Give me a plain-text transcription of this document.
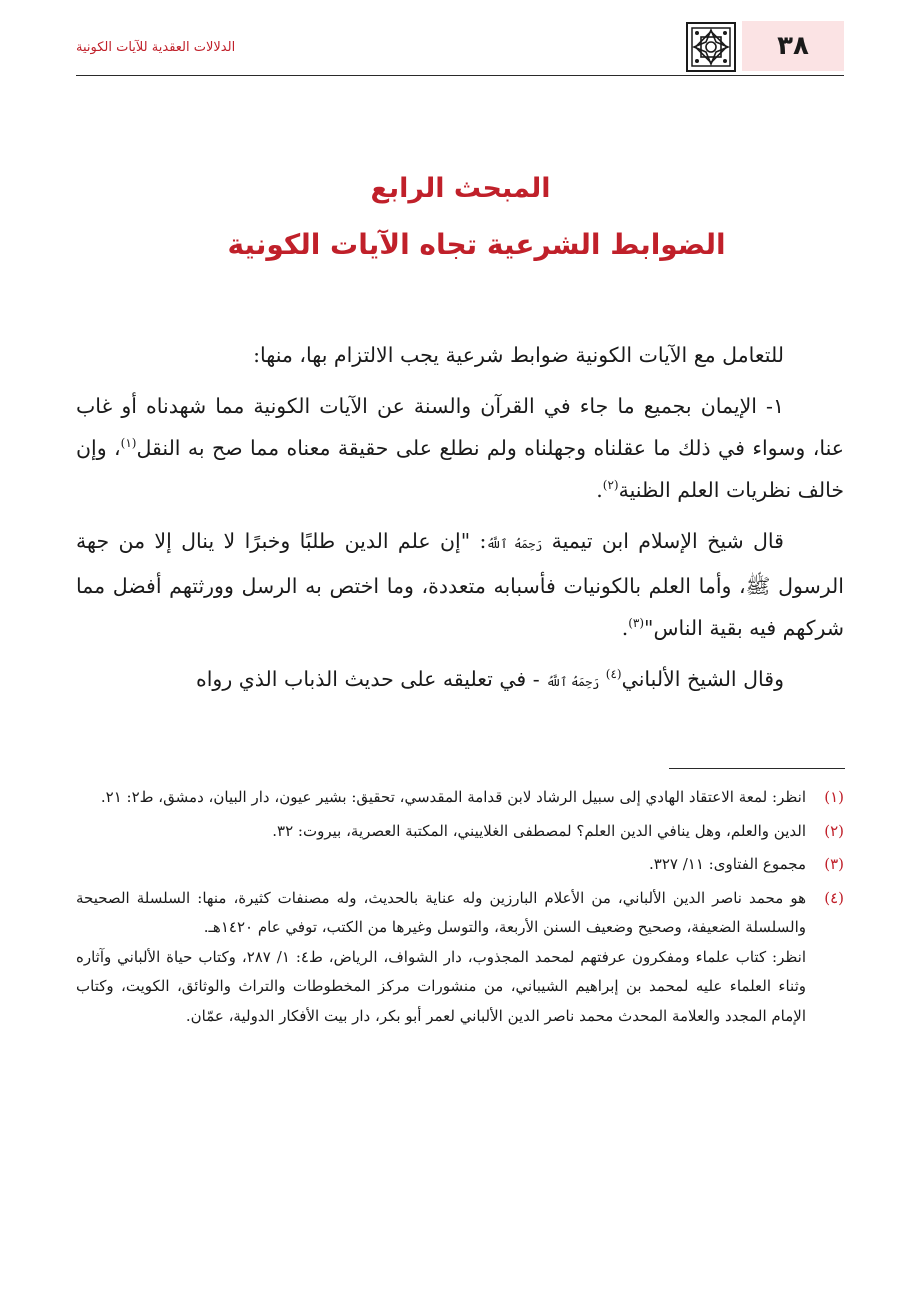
الدلالات العقدية للآيات الكونية	٣٨
المبحث الرابع
الضوابط الشرعية تجاه الآيات الكونية

للتعامل مع الآيات الكونية ضوابط شرعية يجب الالتزام بها، منها:

١- الإيمان بجميع ما جاء في القرآن والسنة عن الآيات الكونية مما شهدناه أو غاب عنا، وسواء في ذلك ما عقلناه وجهلناه ولم نطلع على حقيقة معناه مما صح به النقل$^{(١)}$، وإن خالف نظريات العلم الظنية$^{(٢)}$.

قال شيخ الإسلام ابن تيمية رَحِمَهُ ٱللَّهُ: "إن علم الدين طلبًا وخبرًا لا ينال إلا من جهة الرسول ﷺ، وأما العلم بالكونيات فأسبابه متعددة، وما اختص به الرسل وورثتهم أفضل مما شركهم فيه بقية الناس"$^{(٣)}$.

وقال الشيخ الألباني$^{(٤)}$ رَحِمَهُ ٱللَّهُ - في تعليقه على حديث الذباب الذي رواه

(١)
انظر: لمعة الاعتقاد الهادي إلى سبيل الرشاد لابن قدامة المقدسي، تحقيق: بشير عيون، دار البيان، دمشق، ط٢: ٢١.
(٢)
الدين والعلم، وهل ينافي الدين العلم؟ لمصطفى الغلاييني، المكتبة العصرية، بيروت: ٣٢.
(٣)
مجموع الفتاوى: ١١/ ٣٢٧.
(٤)
هو محمد ناصر الدين الألباني، من الأعلام البارزين وله عناية بالحديث، وله مصنفات كثيرة، منها: السلسلة الصحيحة والسلسلة الضعيفة، وصحيح وضعيف السنن الأربعة، والتوسل وغيرها من الكتب، توفي عام ١٤٢٠هـ.
انظر: كتاب علماء ومفكرون عرفتهم لمحمد المجذوب، دار الشواف، الرياض، ط٤: ١/ ٢٨٧، وكتاب حياة الألباني وآثاره وثناء العلماء عليه لمحمد بن إبراهيم الشيباني، من منشورات مركز المخطوطات والتراث والوثائق، الكويت، وكتاب الإمام المجدد والعلامة المحدث محمد ناصر الدين الألباني لعمر أبو بكر، دار بيت الأفكار الدولية، عمّان.
